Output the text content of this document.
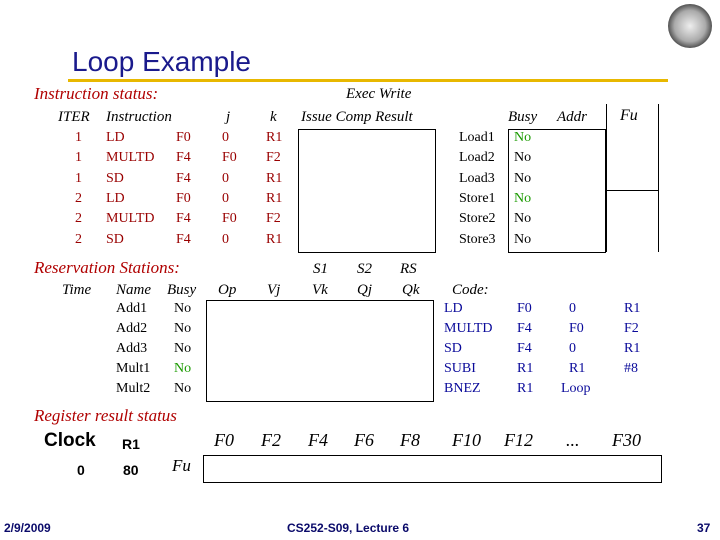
Loop Example
Instruction status:	Exec Write
ITER Instruction	j	k Issue Comp Result
1 LD	F0 0	R1
1 MULTD F4 F0 F2
1 SD	F4 0	R1
2 LD	F0 0	R1
2 MULTD F4 F0 F2
2 SD	F4 0	R1
Busy Addr Fu
Load1 No
Load2 No
Load3 No
Store1 No
Store2 No
Store3 No
Reservation Stations:	S1 S2 RS
Time Name Busy Op Vj Vk Qj Qk Code:
Add1 No
Add2 No
Add3 No
Mult1 No
Mult2 No
LD	F0	0	R1
MULTD F4	F0	F2
SD	F4	0	R1
SUBI	R1	R1	#8
BNEZ	R1 Loop
Register result status
Clock R1
0	80 Fu
F0 F2 F4 F6 F8 F10 F12 ... F30
2/9/2009	CS252-S09, Lecture 6	37
